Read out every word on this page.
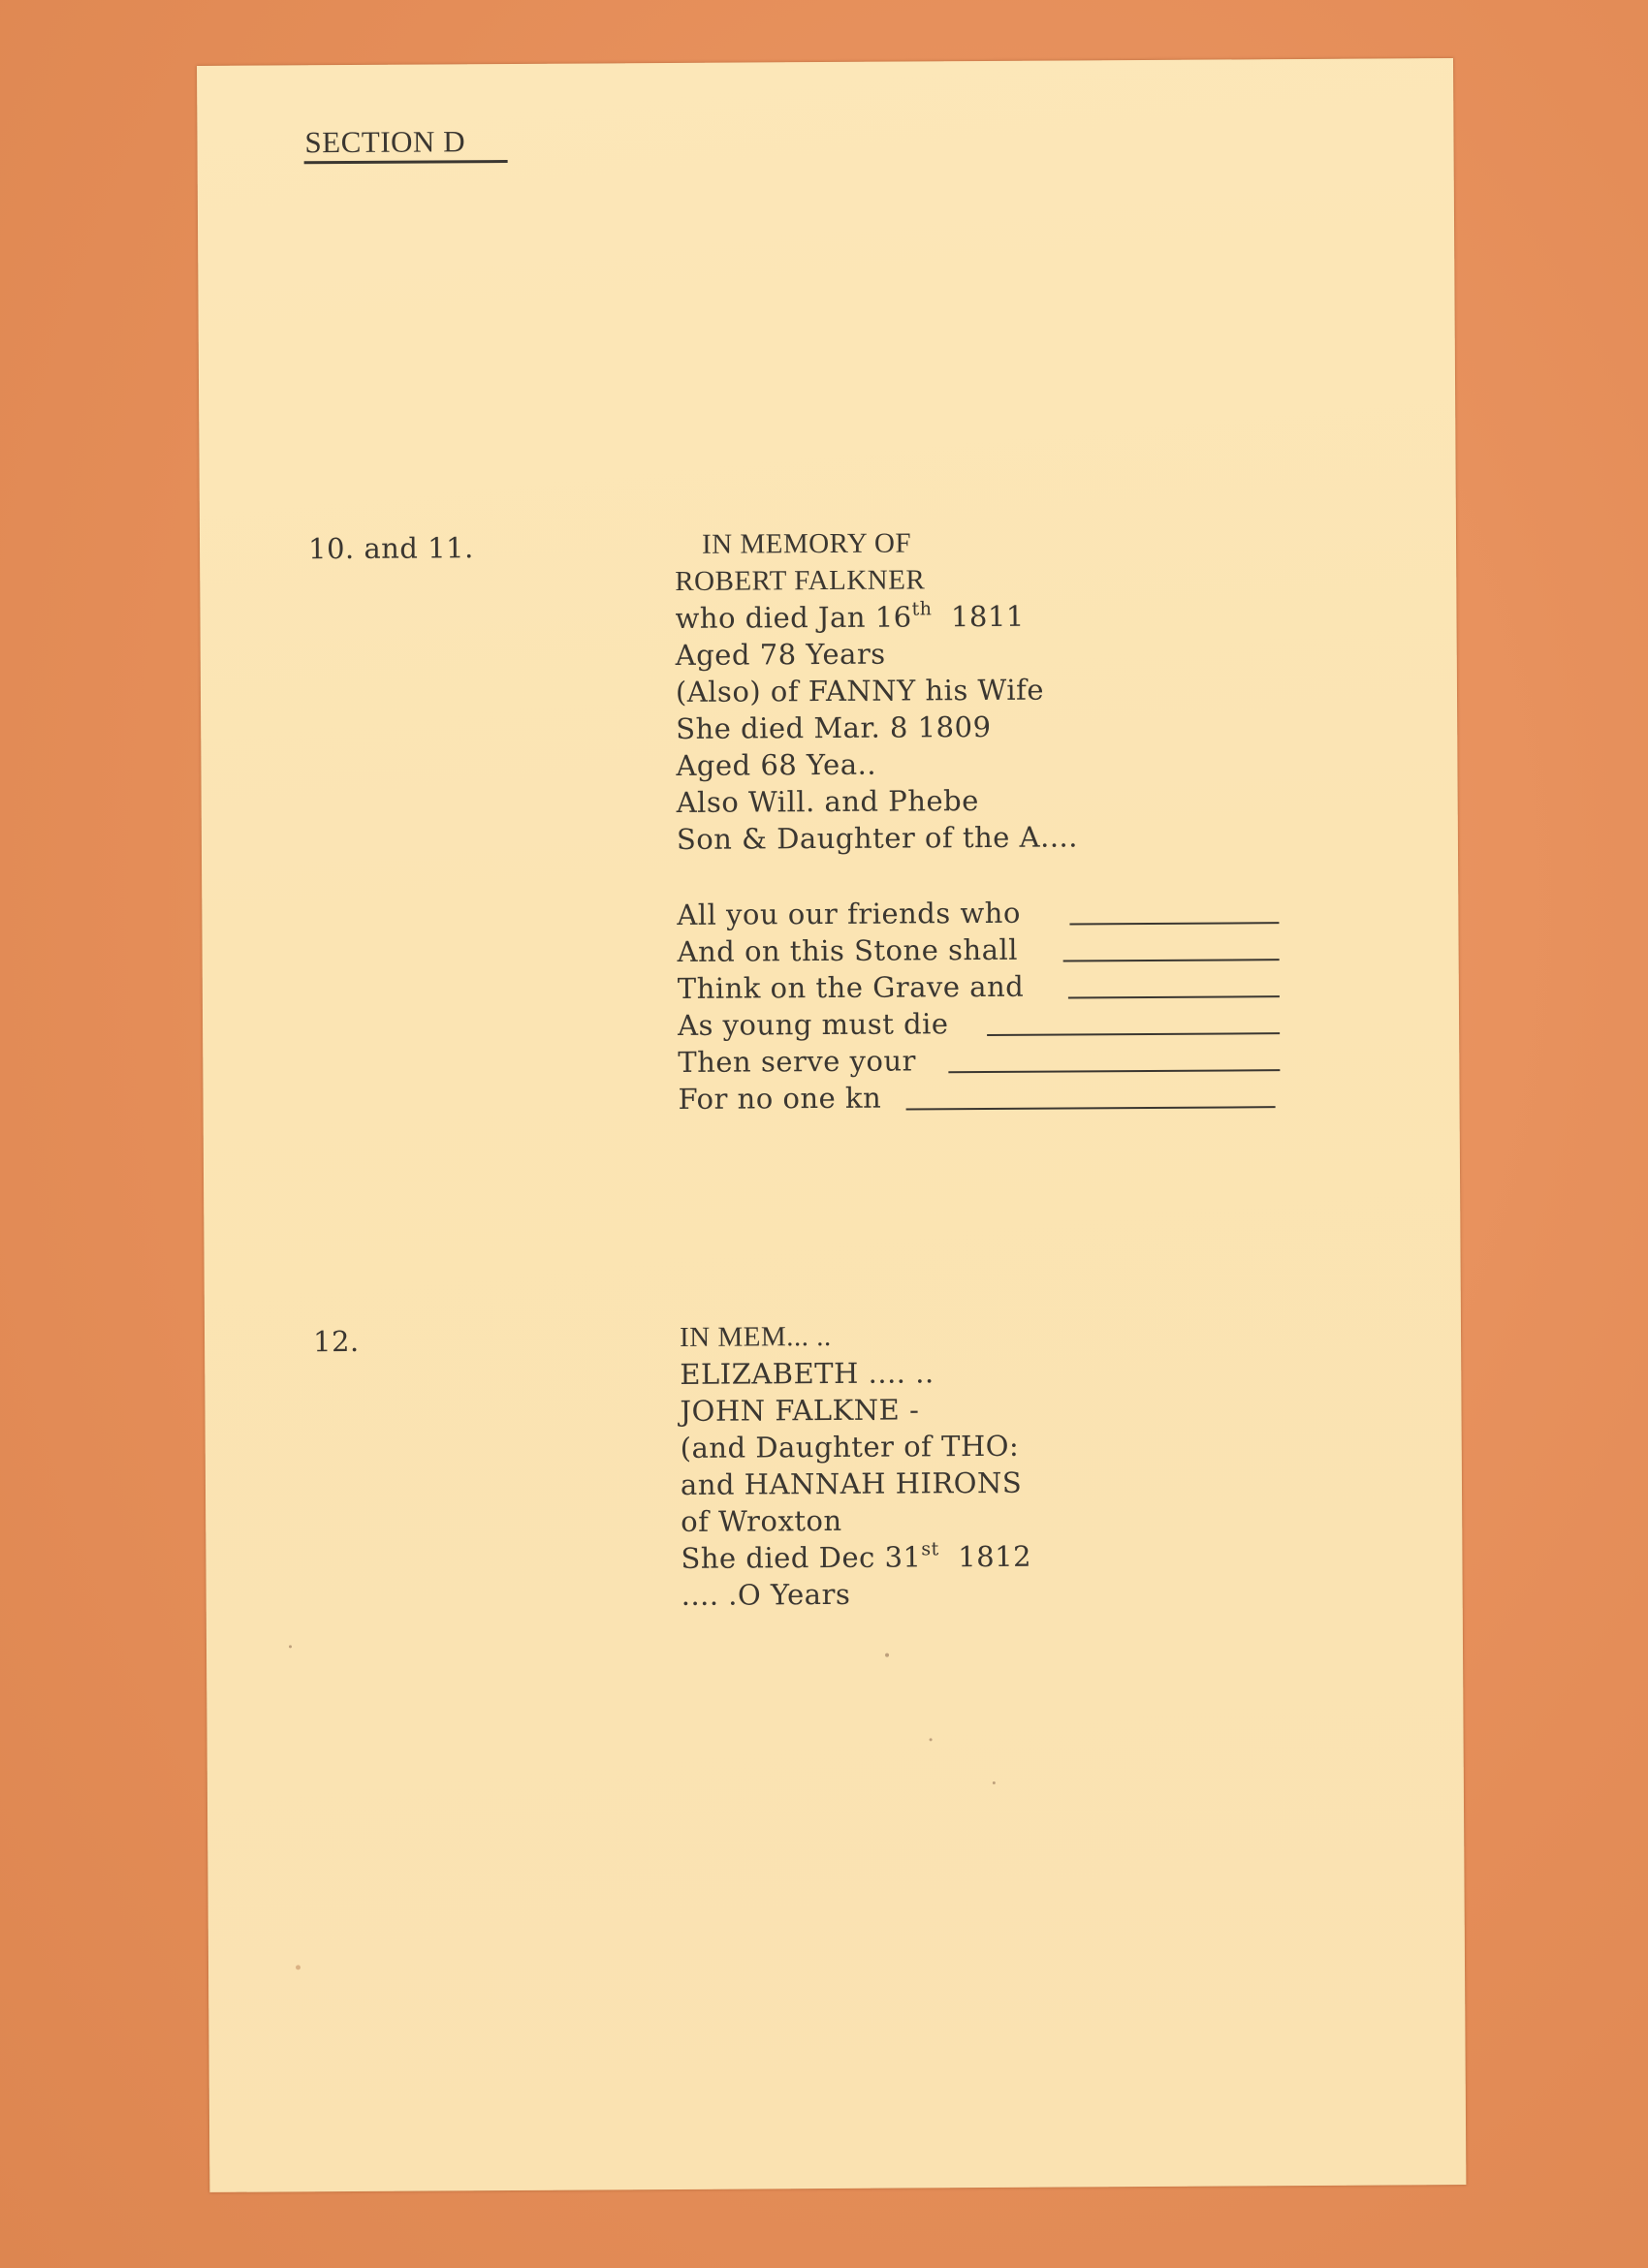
SECTION D
10. and 11.	IN MEMORY OF
ROBERT FALKNER
who died Jan 16th 1811
Aged 78 Years
(Also) of FANNY his Wife
She died Mar. 8 1809
Aged 68 Yea..
Also Will. and Phebe
Son & Daughter of the A....
All you our friends who
And on this Stone shall
Think on the Grave and
As young must die
Then serve your
For no one kn
12.	IN MEM... ..
ELIZABETH .... ..
JOHN FALKNE -
(and Daughter of THO:
and HANNAH HIRONS
of Wroxton
She died Dec 31st 1812
.... .O Years
